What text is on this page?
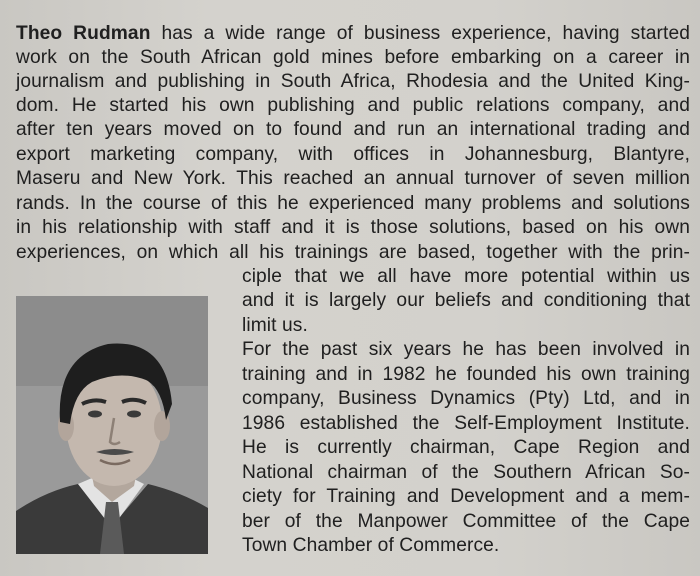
Theo Rudman has a wide range of business experience, having started
work on the South African gold mines before embarking on a career in
journalism and publishing in South Africa, Rhodesia and the United King-
dom. He started his own publishing and public relations company, and
after ten years moved on to found and run an international trading and
export marketing company, with offices in Johannesburg, Blantyre,
Maseru and New York. This reached an annual turnover of seven million
rands. In the course of this he experienced many problems and solutions
in his relationship with staff and it is those solutions, based on his own
experiences, on which all his trainings are based, together with the prin-
ciple that we all have more potential within us
and it is largely our beliefs and conditioning that
limit us.
For the past six years he has been involved in
training and in 1982 he founded his own training
company, Business Dynamics (Pty) Ltd, and in
1986 established the Self-Employment Institute.
He is currently chairman, Cape Region and
National chairman of the Southern African So-
ciety for Training and Development and a mem-
ber of the Manpower Committee of the Cape
Town Chamber of Commerce.
